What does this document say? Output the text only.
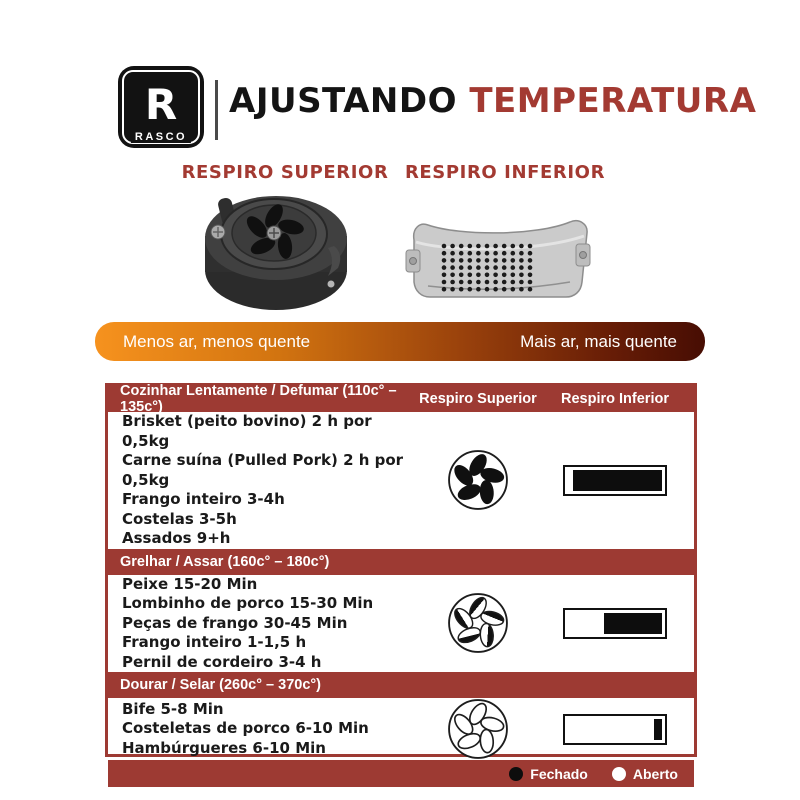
R
RASCO
AJUSTANDO TEMPERATURA
RESPIRO SUPERIOR RESPIRO INFERIOR
Menos ar, menos quente	Mais ar, mais quente
Cozinhar Lentamente / Defumar (110c° – 135c°)	Respiro Superior	Respiro Inferior
Brisket (peito bovino) 2 h por 0,5kg
Carne suína (Pulled Pork) 2 h por 0,5kg
Frango inteiro 3-4h
Costelas 3-5h
Assados 9+h
Grelhar / Assar (160c° – 180c°)
Peixe 15-20 Min
Lombinho de porco 15-30 Min
Peças de frango 30-45 Min
Frango inteiro 1-1,5 h
Pernil de cordeiro 3-4 h
Dourar / Selar (260c° – 370c°)
Bife 5-8 Min
Costeletas de porco 6-10 Min
Hambúrgueres 6-10 Min
Fechado	Aberto
